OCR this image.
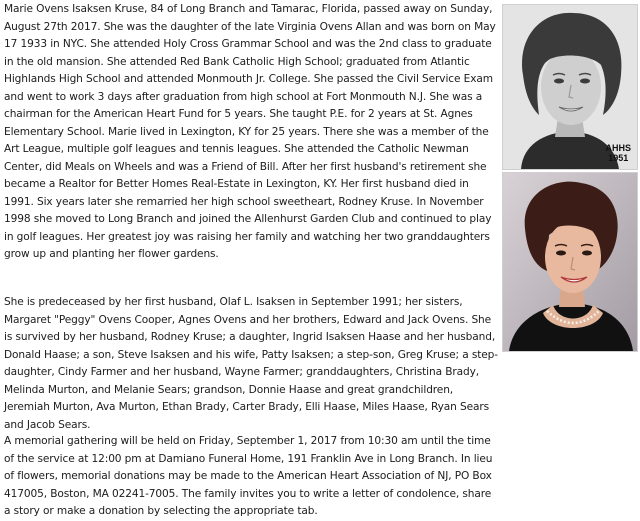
Marie Ovens Isaksen Kruse, 84 of Long Branch and Tamarac, Florida, passed away on Sunday, August 27th 2017. She was the daughter of the late Virginia Ovens Allan and was born on May 17 1933 in NYC. She attended Holy Cross Grammar School and was the 2nd class to graduate in the old mansion. She attended Red Bank Catholic High School; graduated from Atlantic Highlands High School and attended Monmouth Jr. College. She passed the Civil Service Exam and went to work 3 days after graduation from high school at Fort Monmouth N.J. She was a chairman for the American Heart Fund for 5 years. She taught P.E. for 2 years at St. Agnes Elementary School. Marie lived in Lexington, KY for 25 years. There she was a member of the Art League, multiple golf leagues and tennis leagues. She attended the Catholic Newman Center, did Meals on Wheels and was a Friend of Bill. After her first husband's retirement she became a Realtor for Better Homes Real-Estate in Lexington, KY. Her first husband died in 1991. Six years later she remarried her high school sweetheart, Rodney Kruse. In November 1998 she moved to Long Branch and joined the Allenhurst Garden Club and continued to play in golf leagues. Her greatest joy was raising her family and watching her two granddaughters grow up and planting her flower gardens.

She is predeceased by her first husband, Olaf L. Isaksen in September 1991; her sisters, Margaret "Peggy" Ovens Cooper, Agnes Ovens and her brothers, Edward and Jack Ovens. She is survived by her husband, Rodney Kruse; a daughter, Ingrid Isaksen Haase and her husband, Donald Haase; a son, Steve Isaksen and his wife, Patty Isaksen; a step-son, Greg Kruse; a step-daughter, Cindy Farmer and her husband, Wayne Farmer; granddaughters, Christina Brady, Melinda Murton, and Melanie Sears; grandson, Donnie Haase and great grandchildren, Jeremiah Murton, Ava Murton, Ethan Brady, Carter Brady, Elli Haase, Miles Haase, Ryan Sears and Jacob Sears.

A memorial gathering will be held on Friday, September 1, 2017 from 10:30 am until the time of the service at 12:00 pm at Damiano Funeral Home, 191 Franklin Ave in Long Branch. In lieu of flowers, memorial donations may be made to the American Heart Association of NJ, PO Box 417005, Boston, MA 02241-7005. The family invites you to write a letter of condolence, share a story or make a donation by selecting the appropriate tab.

AHHS
1951
